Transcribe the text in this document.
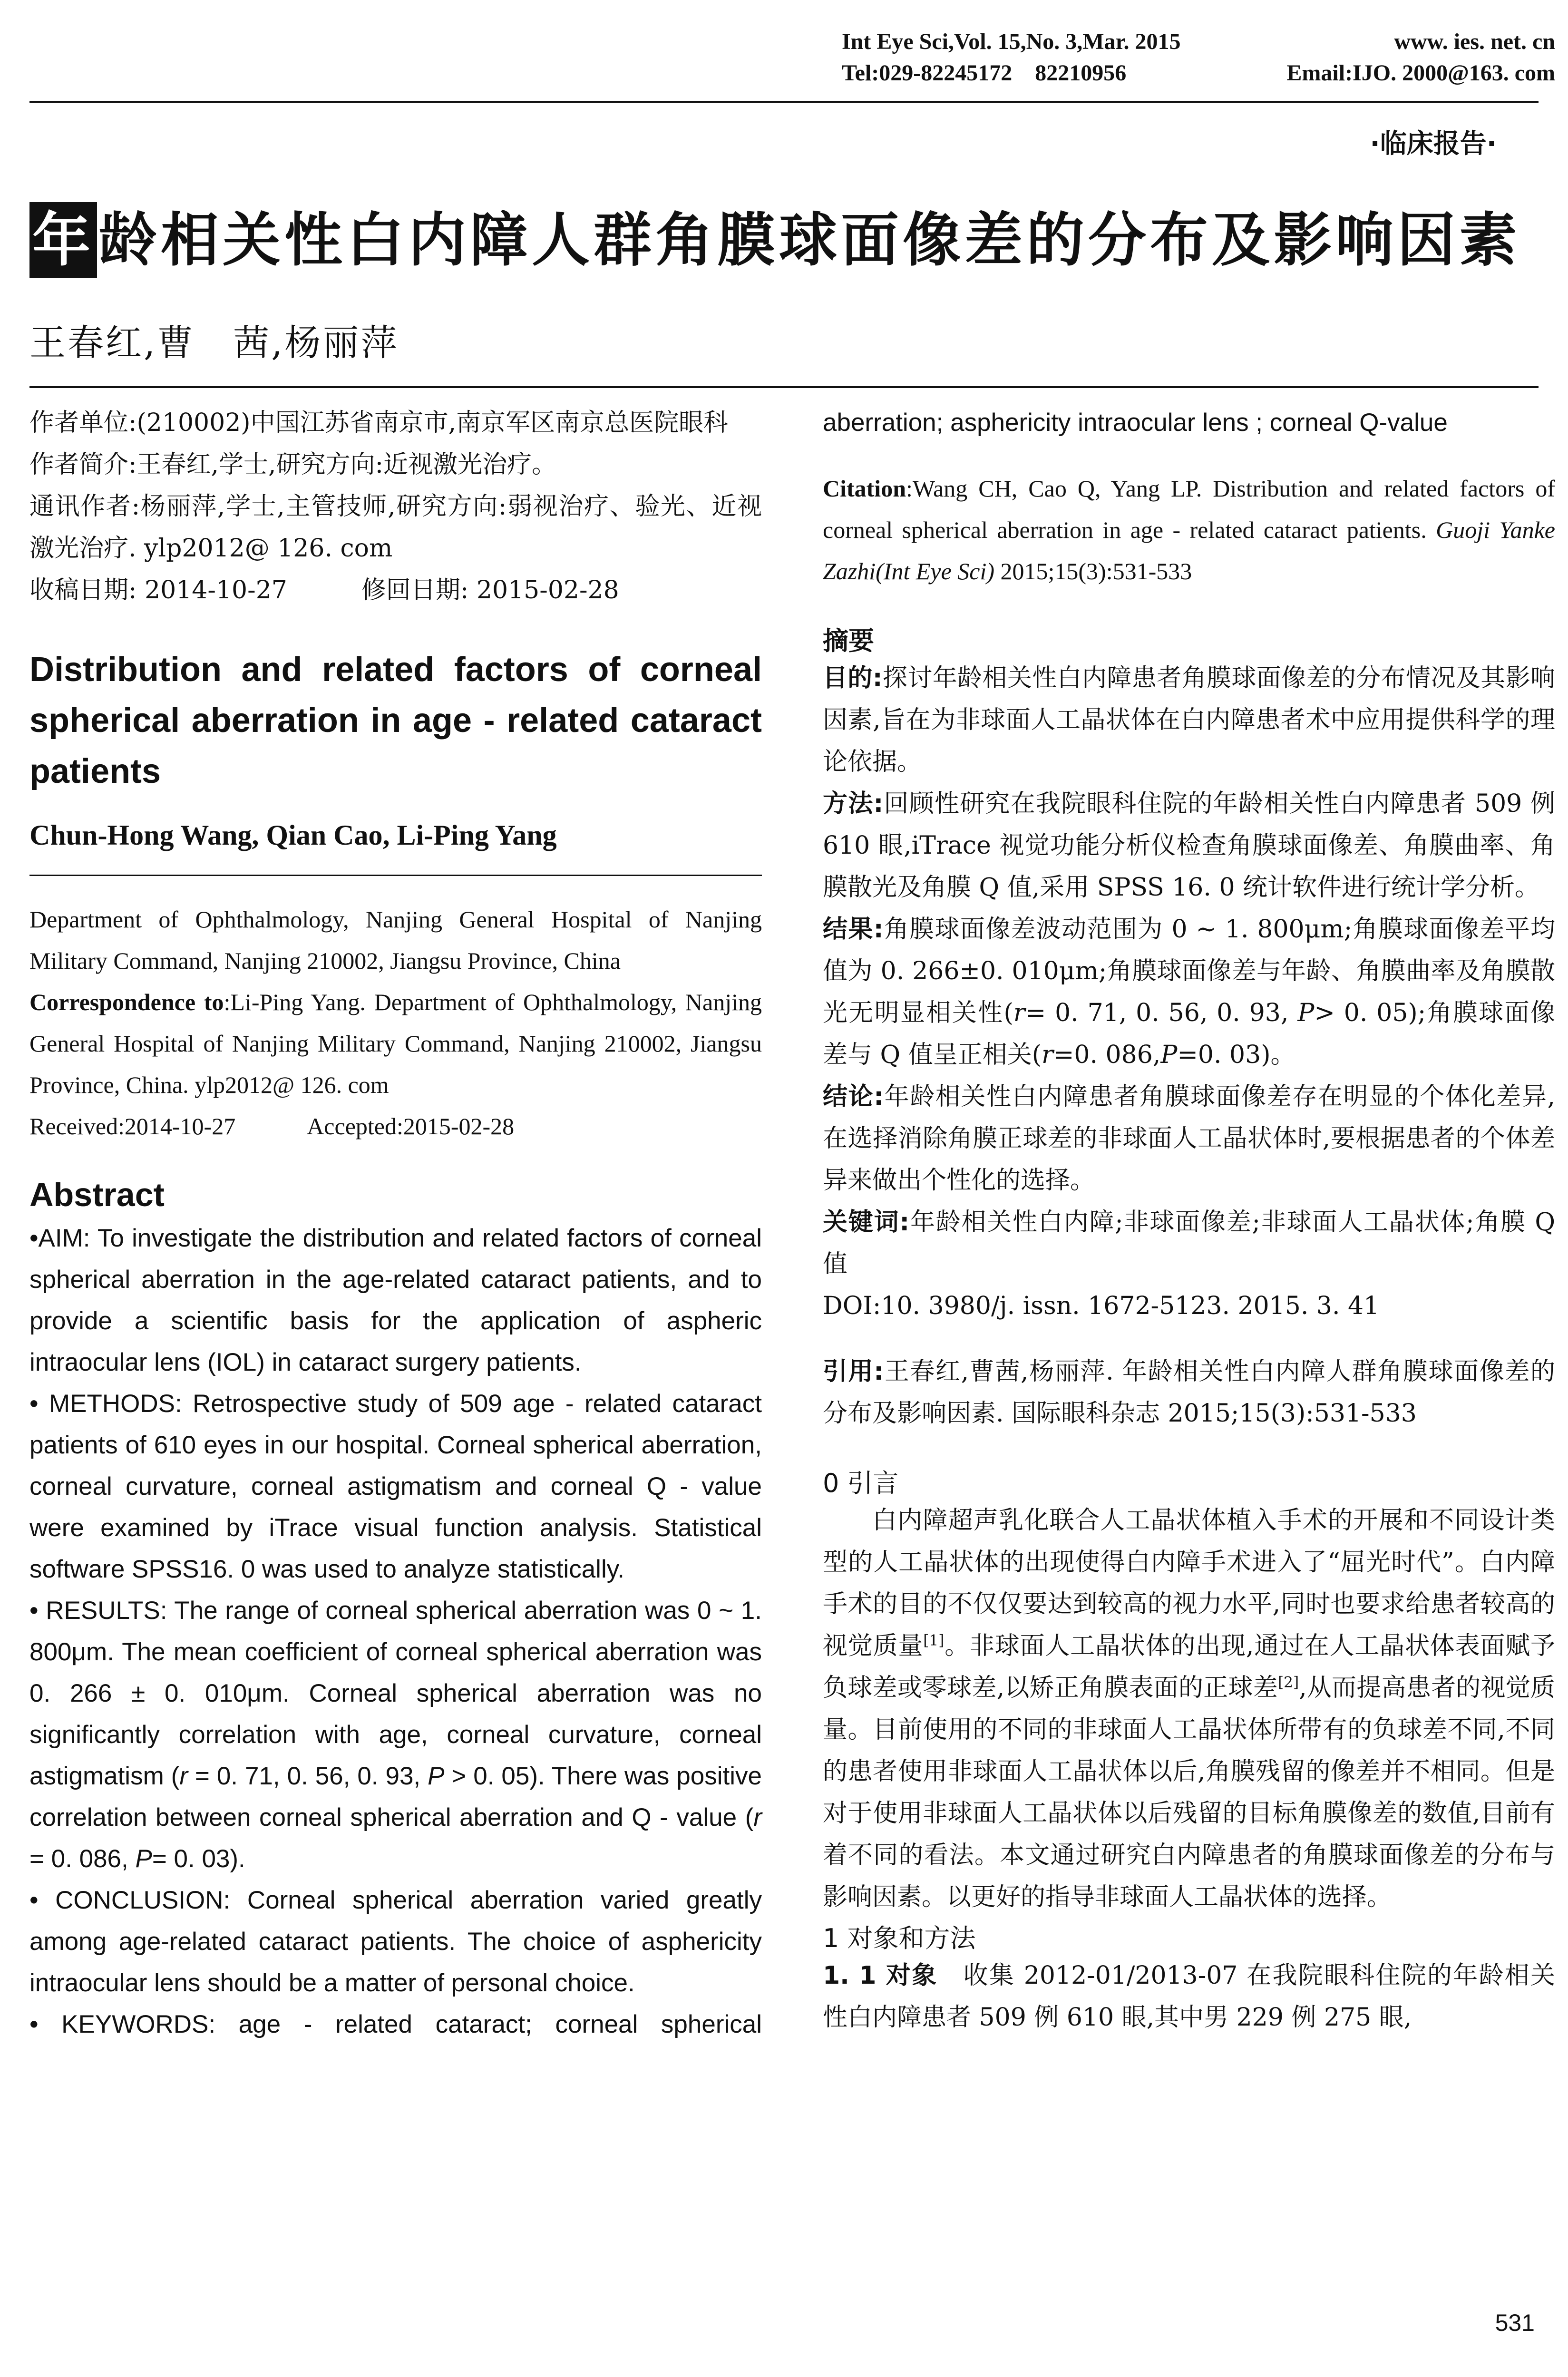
Int Eye Sci,Vol. 15,No. 3,Mar. 2015	www. ies. net. cn
Tel:029-82245172　82210956	Email:IJO. 2000@163. com
·临床报告·
年龄相关性白内障人群角膜球面像差的分布及影响因素
王春红,曹　茜,杨丽萍

作者单位:(210002)中国江苏省南京市,南京军区南京总医院眼科

作者简介:王春红,学士,研究方向:近视激光治疗。

通讯作者:杨丽萍,学士,主管技师,研究方向:弱视治疗、验光、近视激光治疗. ylp2012@ 126. com

收稿日期: 2014-10-27　　　修回日期: 2015-02-28

Distribution and related factors of corneal spherical aberration in age - related cataract patients

Chun-Hong Wang, Qian Cao, Li-Ping Yang

Department of Ophthalmology, Nanjing General Hospital of Nanjing Military Command, Nanjing 210002, Jiangsu Province, China

Correspondence to:Li-Ping Yang. Department of Ophthalmology, Nanjing General Hospital of Nanjing Military Command, Nanjing 210002, Jiangsu Province, China. ylp2012@ 126. com

Received:2014-10-27　　　Accepted:2015-02-28

Abstract

•AIM: To investigate the distribution and related factors of corneal spherical aberration in the age-related cataract patients, and to provide a scientific basis for the application of aspheric intraocular lens (IOL) in cataract surgery patients.

• METHODS: Retrospective study of 509 age - related cataract patients of 610 eyes in our hospital. Corneal spherical aberration, corneal curvature, corneal astigmatism and corneal Q - value were examined by iTrace visual function analysis. Statistical software SPSS16. 0 was used to analyze statistically.

• RESULTS: The range of corneal spherical aberration was 0 ~ 1. 800μm. The mean coefficient of corneal spherical aberration was 0. 266 ± 0. 010μm. Corneal spherical aberration was no significantly correlation with age, corneal curvature, corneal astigmatism (r = 0. 71, 0. 56, 0. 93, P > 0. 05). There was positive correlation between corneal spherical aberration and Q - value (r = 0. 086, P= 0. 03).

• CONCLUSION: Corneal spherical aberration varied greatly among age-related cataract patients. The choice of asphericity intraocular lens should be a matter of personal choice.

• KEYWORDS: age - related cataract; corneal spherical

aberration; asphericity intraocular lens ; corneal Q-value

Citation:Wang CH, Cao Q, Yang LP. Distribution and related factors of corneal spherical aberration in age - related cataract patients. Guoji Yanke Zazhi(Int Eye Sci) 2015;15(3):531-533

摘要

目的:探讨年龄相关性白内障患者角膜球面像差的分布情况及其影响因素,旨在为非球面人工晶状体在白内障患者术中应用提供科学的理论依据。

方法:回顾性研究在我院眼科住院的年龄相关性白内障患者 509 例 610 眼,iTrace 视觉功能分析仪检查角膜球面像差、角膜曲率、角膜散光及角膜 Q 值,采用 SPSS 16. 0 统计软件进行统计学分析。

结果:角膜球面像差波动范围为 0 ~ 1. 800μm;角膜球面像差平均值为 0. 266±0. 010μm;角膜球面像差与年龄、角膜曲率及角膜散光无明显相关性(r= 0. 71, 0. 56, 0. 93, P> 0. 05);角膜球面像差与 Q 值呈正相关(r=0. 086,P=0. 03)。

结论:年龄相关性白内障患者角膜球面像差存在明显的个体化差异,在选择消除角膜正球差的非球面人工晶状体时,要根据患者的个体差异来做出个性化的选择。

关键词:年龄相关性白内障;非球面像差;非球面人工晶状体;角膜 Q 值

DOI:10. 3980/j. issn. 1672-5123. 2015. 3. 41

引用:王春红,曹茜,杨丽萍. 年龄相关性白内障人群角膜球面像差的分布及影响因素. 国际眼科杂志 2015;15(3):531-533

0 引言

白内障超声乳化联合人工晶状体植入手术的开展和不同设计类型的人工晶状体的出现使得白内障手术进入了“屈光时代”。白内障手术的目的不仅仅要达到较高的视力水平,同时也要求给患者较高的视觉质量[1]。非球面人工晶状体的出现,通过在人工晶状体表面赋予负球差或零球差,以矫正角膜表面的正球差[2],从而提高患者的视觉质量。目前使用的不同的非球面人工晶状体所带有的负球差不同,不同的患者使用非球面人工晶状体以后,角膜残留的像差并不相同。但是对于使用非球面人工晶状体以后残留的目标角膜像差的数值,目前有着不同的看法。本文通过研究白内障患者的角膜球面像差的分布与影响因素。以更好的指导非球面人工晶状体的选择。

1 对象和方法

1. 1 对象　收集 2012-01/2013-07 在我院眼科住院的年龄相关性白内障患者 509 例 610 眼,其中男 229 例 275 眼,

531
